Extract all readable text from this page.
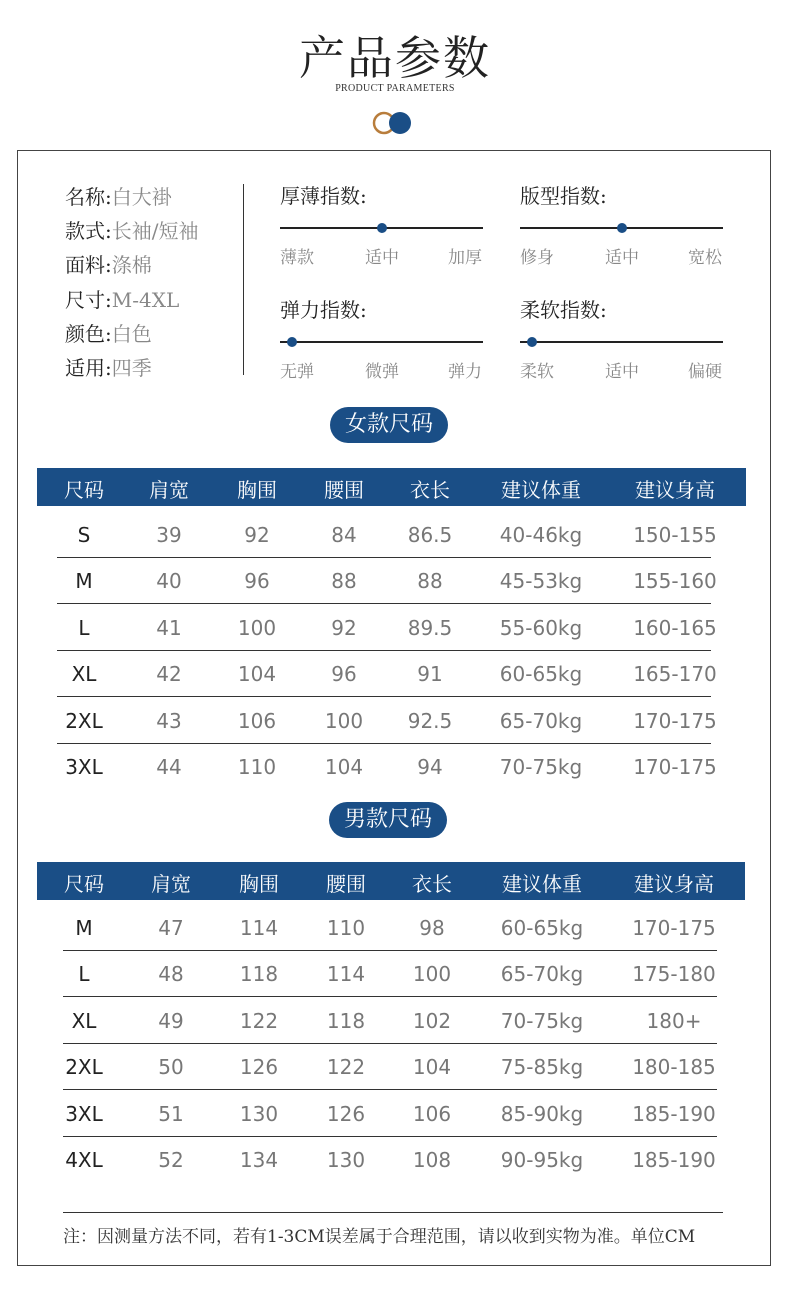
产品参数
PRODUCT PARAMETERS
名称:白大褂
款式:长袖/短袖
面料:涤棉
尺寸:M-4XL
颜色:白色
适用:四季
女款尺码
男款尺码
注：因测量方法不同，若有1-3CM误差属于合理范围，请以收到实物为准。单位CM
厚薄指数:
薄款	适中	加厚
版型指数:
修身	适中	宽松
弹力指数:
无弹	微弹	弹力
柔软指数:
柔软	适中	偏硬
尺码	肩宽	胸围	腰围	衣长	建议体重	建议身高
S	39	92	84	86.5	40-46kg	150-155
M	40	96	88	88	45-53kg	155-160
L	41	100	92	89.5	55-60kg	160-165
XL	42	104	96	91	60-65kg	165-170
2XL	43	106	100	92.5	65-70kg	170-175
3XL	44	110	104	94	70-75kg	170-175
尺码	肩宽	胸围	腰围	衣长	建议体重	建议身高
M	47	114	110	98	60-65kg	170-175
L	48	118	114	100	65-70kg	175-180
XL	49	122	118	102	70-75kg	180+
2XL	50	126	122	104	75-85kg	180-185
3XL	51	130	126	106	85-90kg	185-190
4XL	52	134	130	108	90-95kg	185-190
